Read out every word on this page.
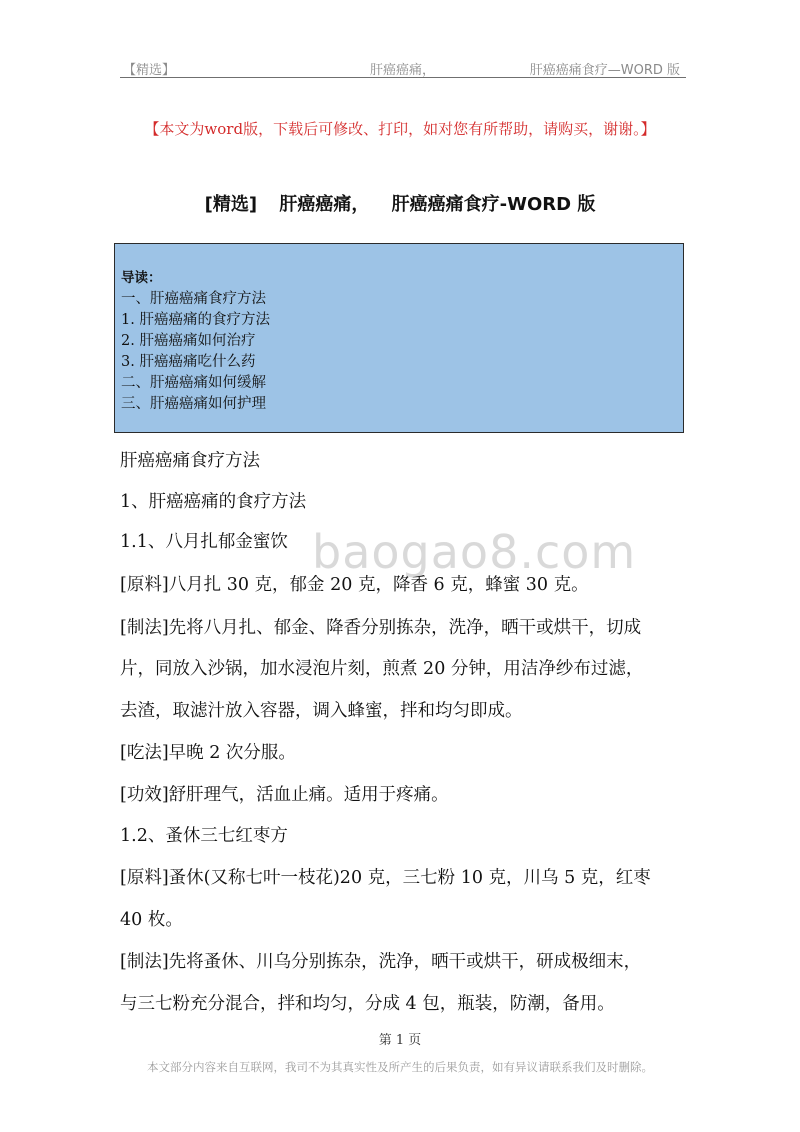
【精选】	肝癌癌痛，	肝癌癌痛食疗—WORD 版
【本文为word版，下载后可修改、打印，如对您有所帮助，请购买，谢谢。】
[精选] 肝癌癌痛， 肝癌癌痛食疗-WORD 版
导读：
一、肝癌癌痛食疗方法
1. 肝癌癌痛的食疗方法
2. 肝癌癌痛如何治疗
3. 肝癌癌痛吃什么药
二、肝癌癌痛如何缓解
三、肝癌癌痛如何护理
baogao8.com
肝癌癌痛食疗方法
1、肝癌癌痛的食疗方法
1.1、八月扎郁金蜜饮
[原料]八月扎 30 克，郁金 20 克，降香 6 克，蜂蜜 30 克。
[制法]先将八月扎、郁金、降香分别拣杂，洗净，晒干或烘干，切成
片，同放入沙锅，加水浸泡片刻，煎煮 20 分钟，用洁净纱布过滤，
去渣，取滤汁放入容器，调入蜂蜜，拌和均匀即成。
[吃法]早晚 2 次分服。
[功效]舒肝理气，活血止痛。适用于疼痛。
1.2、蚤休三七红枣方
[原料]蚤休(又称七叶一枝花)20 克，三七粉 10 克，川乌 5 克，红枣
40 枚。
[制法]先将蚤休、川乌分别拣杂，洗净，晒干或烘干，研成极细末，
与三七粉充分混合，拌和均匀，分成 4 包，瓶装，防潮，备用。
第 1 页
本文部分内容来自互联网，我司不为其真实性及所产生的后果负责，如有异议请联系我们及时删除。
